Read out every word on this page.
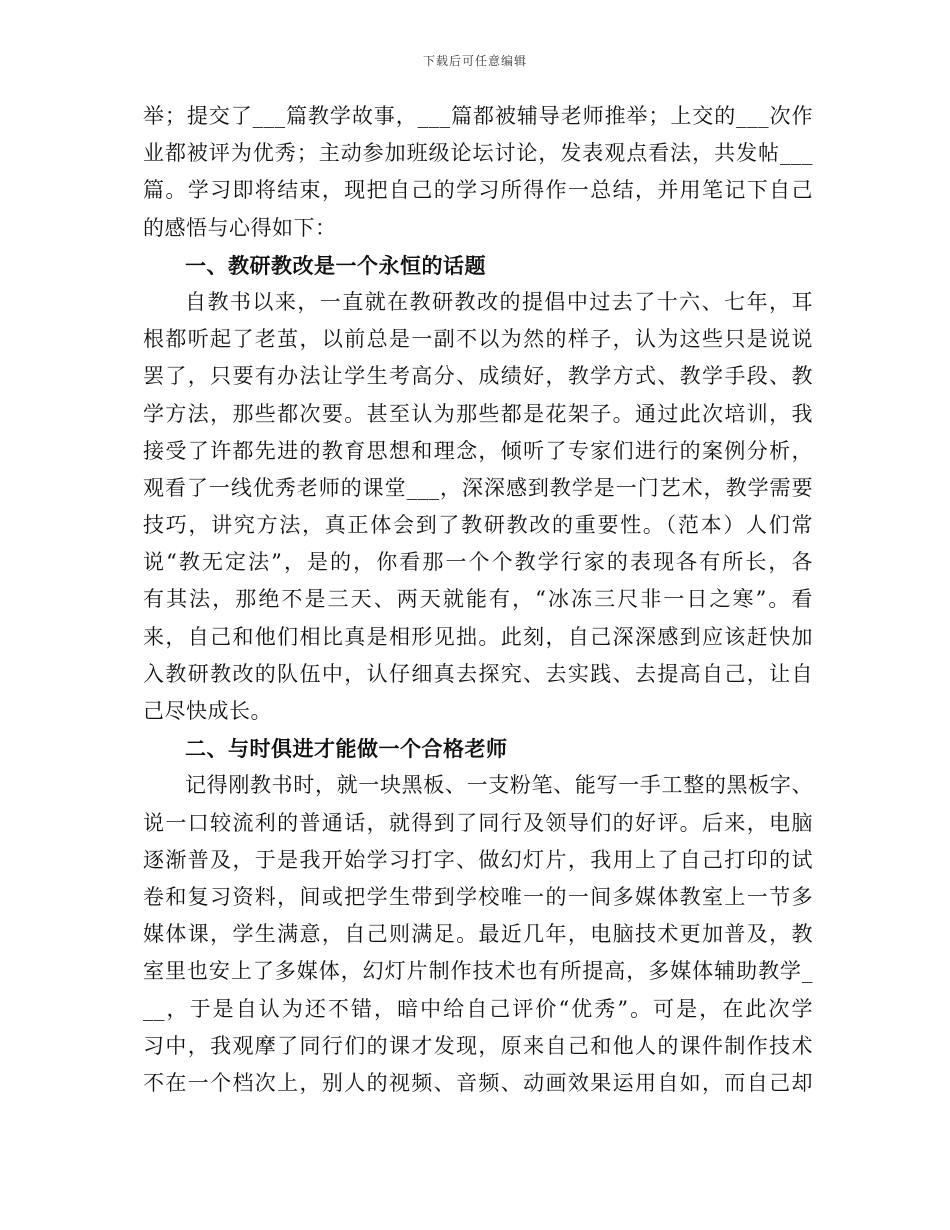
下载后可任意编辑
举；提交了___篇教学故事，___篇都被辅导老师推举；上交的___次作
业都被评为优秀；主动参加班级论坛讨论，发表观点看法，共发帖___
篇。学习即将结束，现把自己的学习所得作一总结，并用笔记下自己
的感悟与心得如下：
一、教研教改是一个永恒的话题
自教书以来，一直就在教研教改的提倡中过去了十六、七年，耳
根都听起了老茧，以前总是一副不以为然的样子，认为这些只是说说
罢了，只要有办法让学生考高分、成绩好，教学方式、教学手段、教
学方法，那些都次要。甚至认为那些都是花架子。通过此次培训，我
接受了许都先进的教育思想和理念，倾听了专家们进行的案例分析，
观看了一线优秀老师的课堂___，深深感到教学是一门艺术，教学需要
技巧，讲究方法，真正体会到了教研教改的重要性。（范本）人们常
说“教无定法”，是的，你看那一个个教学行家的表现各有所长，各
有其法，那绝不是三天、两天就能有，“冰冻三尺非一日之寒”。看
来，自己和他们相比真是相形见拙。此刻，自己深深感到应该赶快加
入教研教改的队伍中，认仔细真去探究、去实践、去提高自己，让自
己尽快成长。
二、与时俱进才能做一个合格老师
记得刚教书时，就一块黑板、一支粉笔、能写一手工整的黑板字、
说一口较流利的普通话，就得到了同行及领导们的好评。后来，电脑
逐渐普及，于是我开始学习打字、做幻灯片，我用上了自己打印的试
卷和复习资料，间或把学生带到学校唯一的一间多媒体教室上一节多
媒体课，学生满意，自己则满足。最近几年，电脑技术更加普及，教
室里也安上了多媒体，幻灯片制作技术也有所提高，多媒体辅助教学_
__，于是自认为还不错，暗中给自己评价“优秀”。可是，在此次学
习中，我观摩了同行们的课才发现，原来自己和他人的课件制作技术
不在一个档次上，别人的视频、音频、动画效果运用自如，而自己却
